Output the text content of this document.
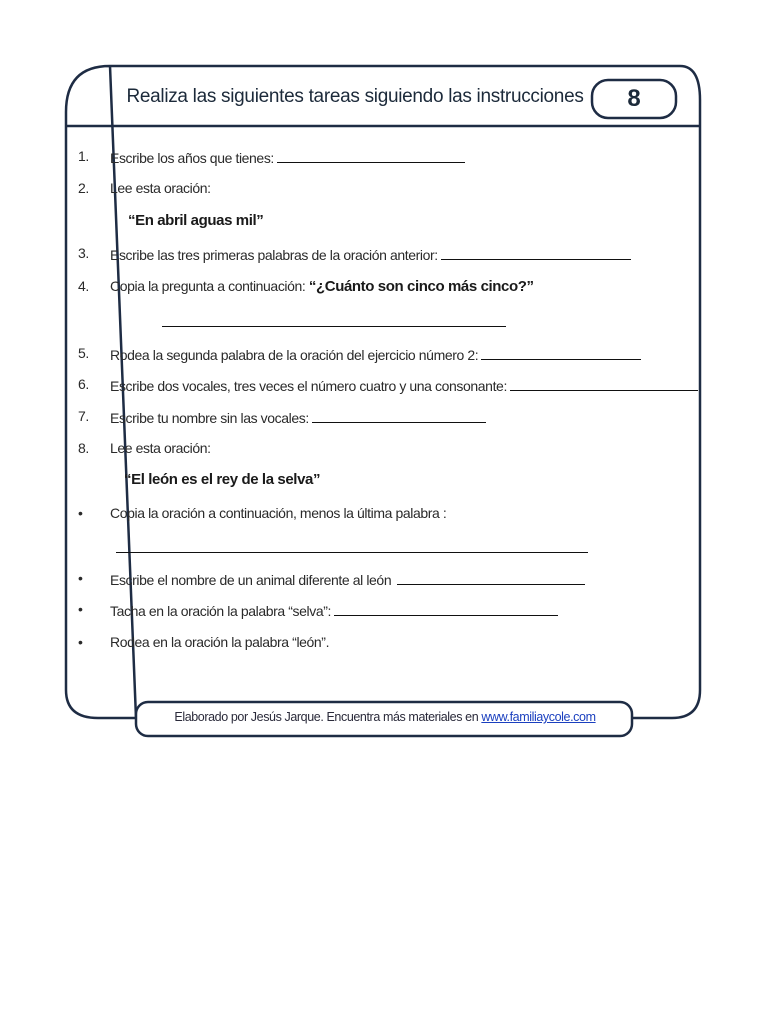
Realiza las siguientes tareas siguiendo las instrucciones	8
1.	Escribe los años que tienes:
2.	Lee esta oración:
“En abril aguas mil”
3.	Escribe las tres primeras palabras de la oración anterior:
4.	Copia la pregunta a continuación: “¿Cuánto son cinco más cinco?”
5.	Rodea la segunda palabra de la oración del ejercicio número 2:
6.	Escribe dos vocales, tres veces el número cuatro y una consonante:
7.	Escribe tu nombre sin las vocales:
8.	Lee esta oración:
“El león es el rey de la selva”
•	Copia la oración a continuación, menos la última palabra :
•	Escribe el nombre de un animal diferente al león
•	Tacha en la oración la palabra “selva”:
•	Rodea en la oración la palabra “león”.
Elaborado por Jesús Jarque. Encuentra más materiales en www.familiaycole.com
